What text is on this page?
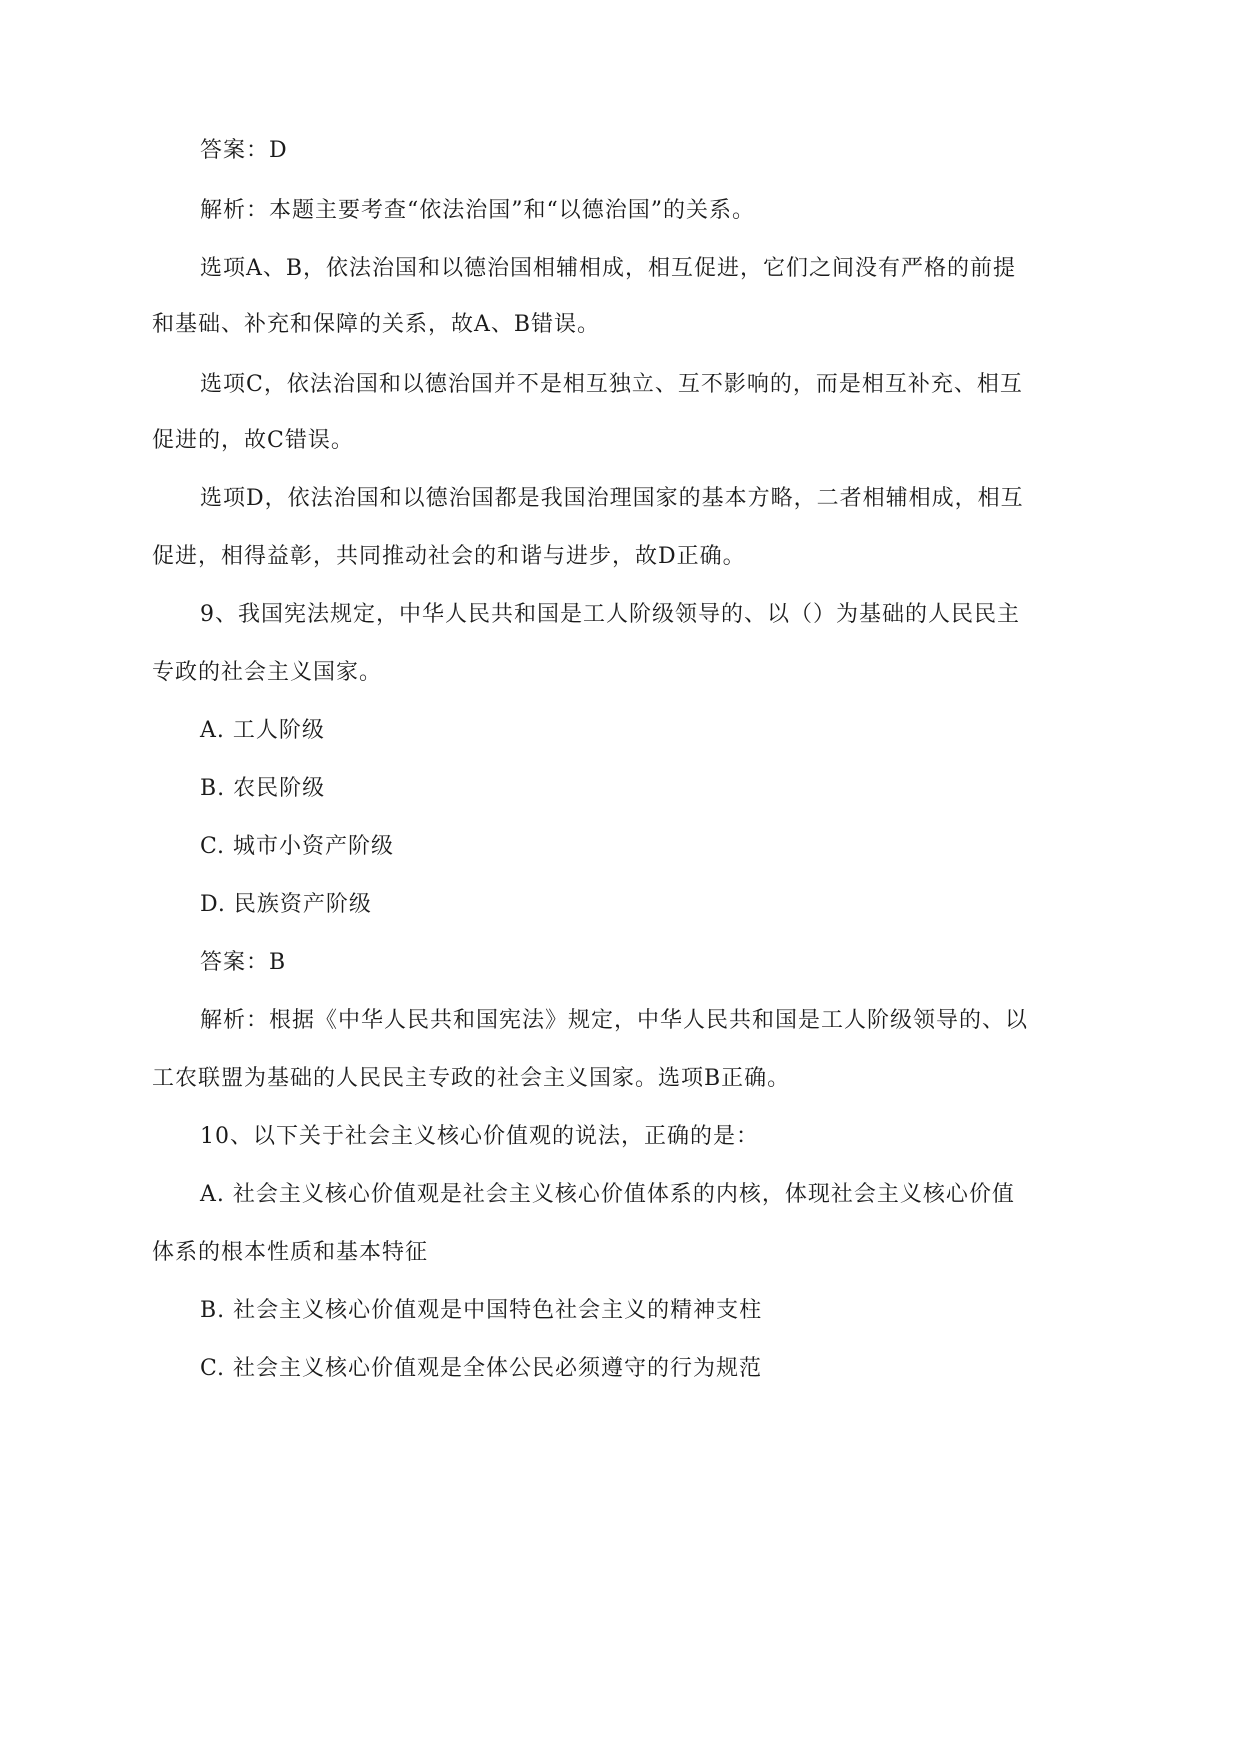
答案：D
解析：本题主要考查“依法治国”和“以德治国”的关系。
选项A、B，依法治国和以德治国相辅相成，相互促进，它们之间没有严格的前提
和基础、补充和保障的关系，故A、B错误。
选项C，依法治国和以德治国并不是相互独立、互不影响的，而是相互补充、相互
促进的，故C错误。
选项D，依法治国和以德治国都是我国治理国家的基本方略，二者相辅相成，相互
促进，相得益彰，共同推动社会的和谐与进步，故D正确。
9、我国宪法规定，中华人民共和国是工人阶级领导的、以（）为基础的人民民主
专政的社会主义国家。
A. 工人阶级
B. 农民阶级
C. 城市小资产阶级
D. 民族资产阶级
答案：B
解析：根据《中华人民共和国宪法》规定，中华人民共和国是工人阶级领导的、以
工农联盟为基础的人民民主专政的社会主义国家。选项B正确。
10、以下关于社会主义核心价值观的说法，正确的是：
A. 社会主义核心价值观是社会主义核心价值体系的内核，体现社会主义核心价值
体系的根本性质和基本特征
B. 社会主义核心价值观是中国特色社会主义的精神支柱
C. 社会主义核心价值观是全体公民必须遵守的行为规范
